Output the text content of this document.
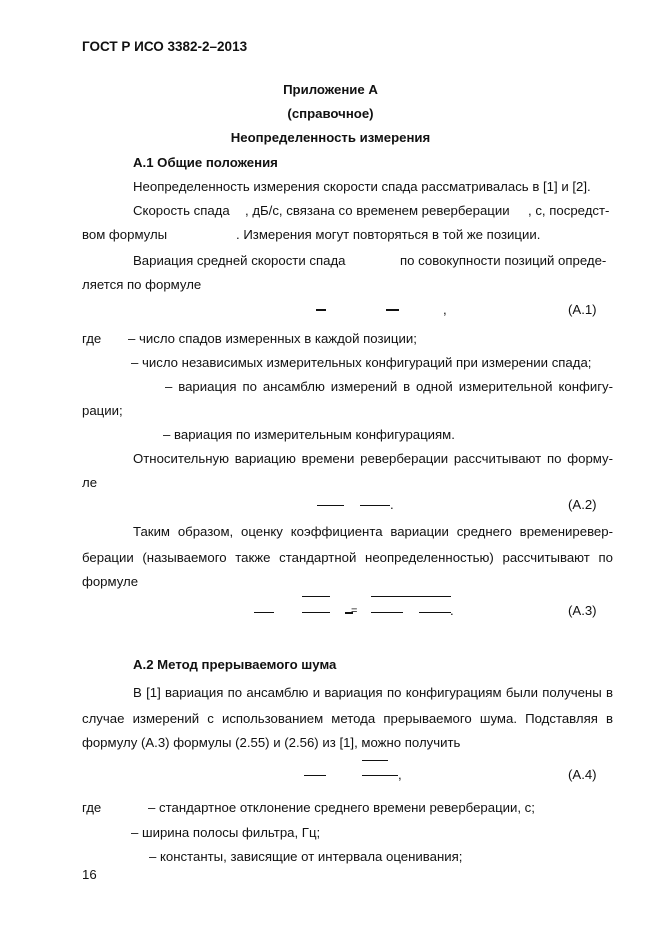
ГОСТ Р ИСО 3382-2–2013
Приложение А
(справочное)
Неопределенность измерения
А.1 Общие положения
Неопределенность измерения скорости спада рассматривалась в [1] и [2].
Скорость спада , дБ/с, связана со временем реверберации , с, посредст-
вом формулы	. Измерения могут повторяться в той же позиции.
Вариация средней скорости спада	по совокупности позиций опреде-
ляется по формуле
,	(A.1)
где – число спадов измеренных в каждой позиции;
– число независимых измерительных конфигураций при измерении спада;
– вариация по ансамблю измерений в одной измерительной конфигу-
рации;
– вариация по измерительным конфигурациям.
Относительную вариацию времени реверберации рассчитывают по форму-
ле
.	(A.2)
Таким образом, оценку коэффициента вариации среднего времениревер-
берации (называемого также стандартной неопределенностью) рассчитывают по
формуле
=	.	(A.3)
А.2 Метод прерываемого шума
В [1] вариация по ансамблю и вариация по конфигурациям были получены в
случае измерений с использованием метода прерываемого шума. Подставляя в
формулу (A.3) формулы (2.55) и (2.56) из [1], можно получить
,	(A.4)
где	– стандартное отклонение среднего времени реверберации, с;
– ширина полосы фильтра, Гц;
– константы, зависящие от интервала оценивания;
16
